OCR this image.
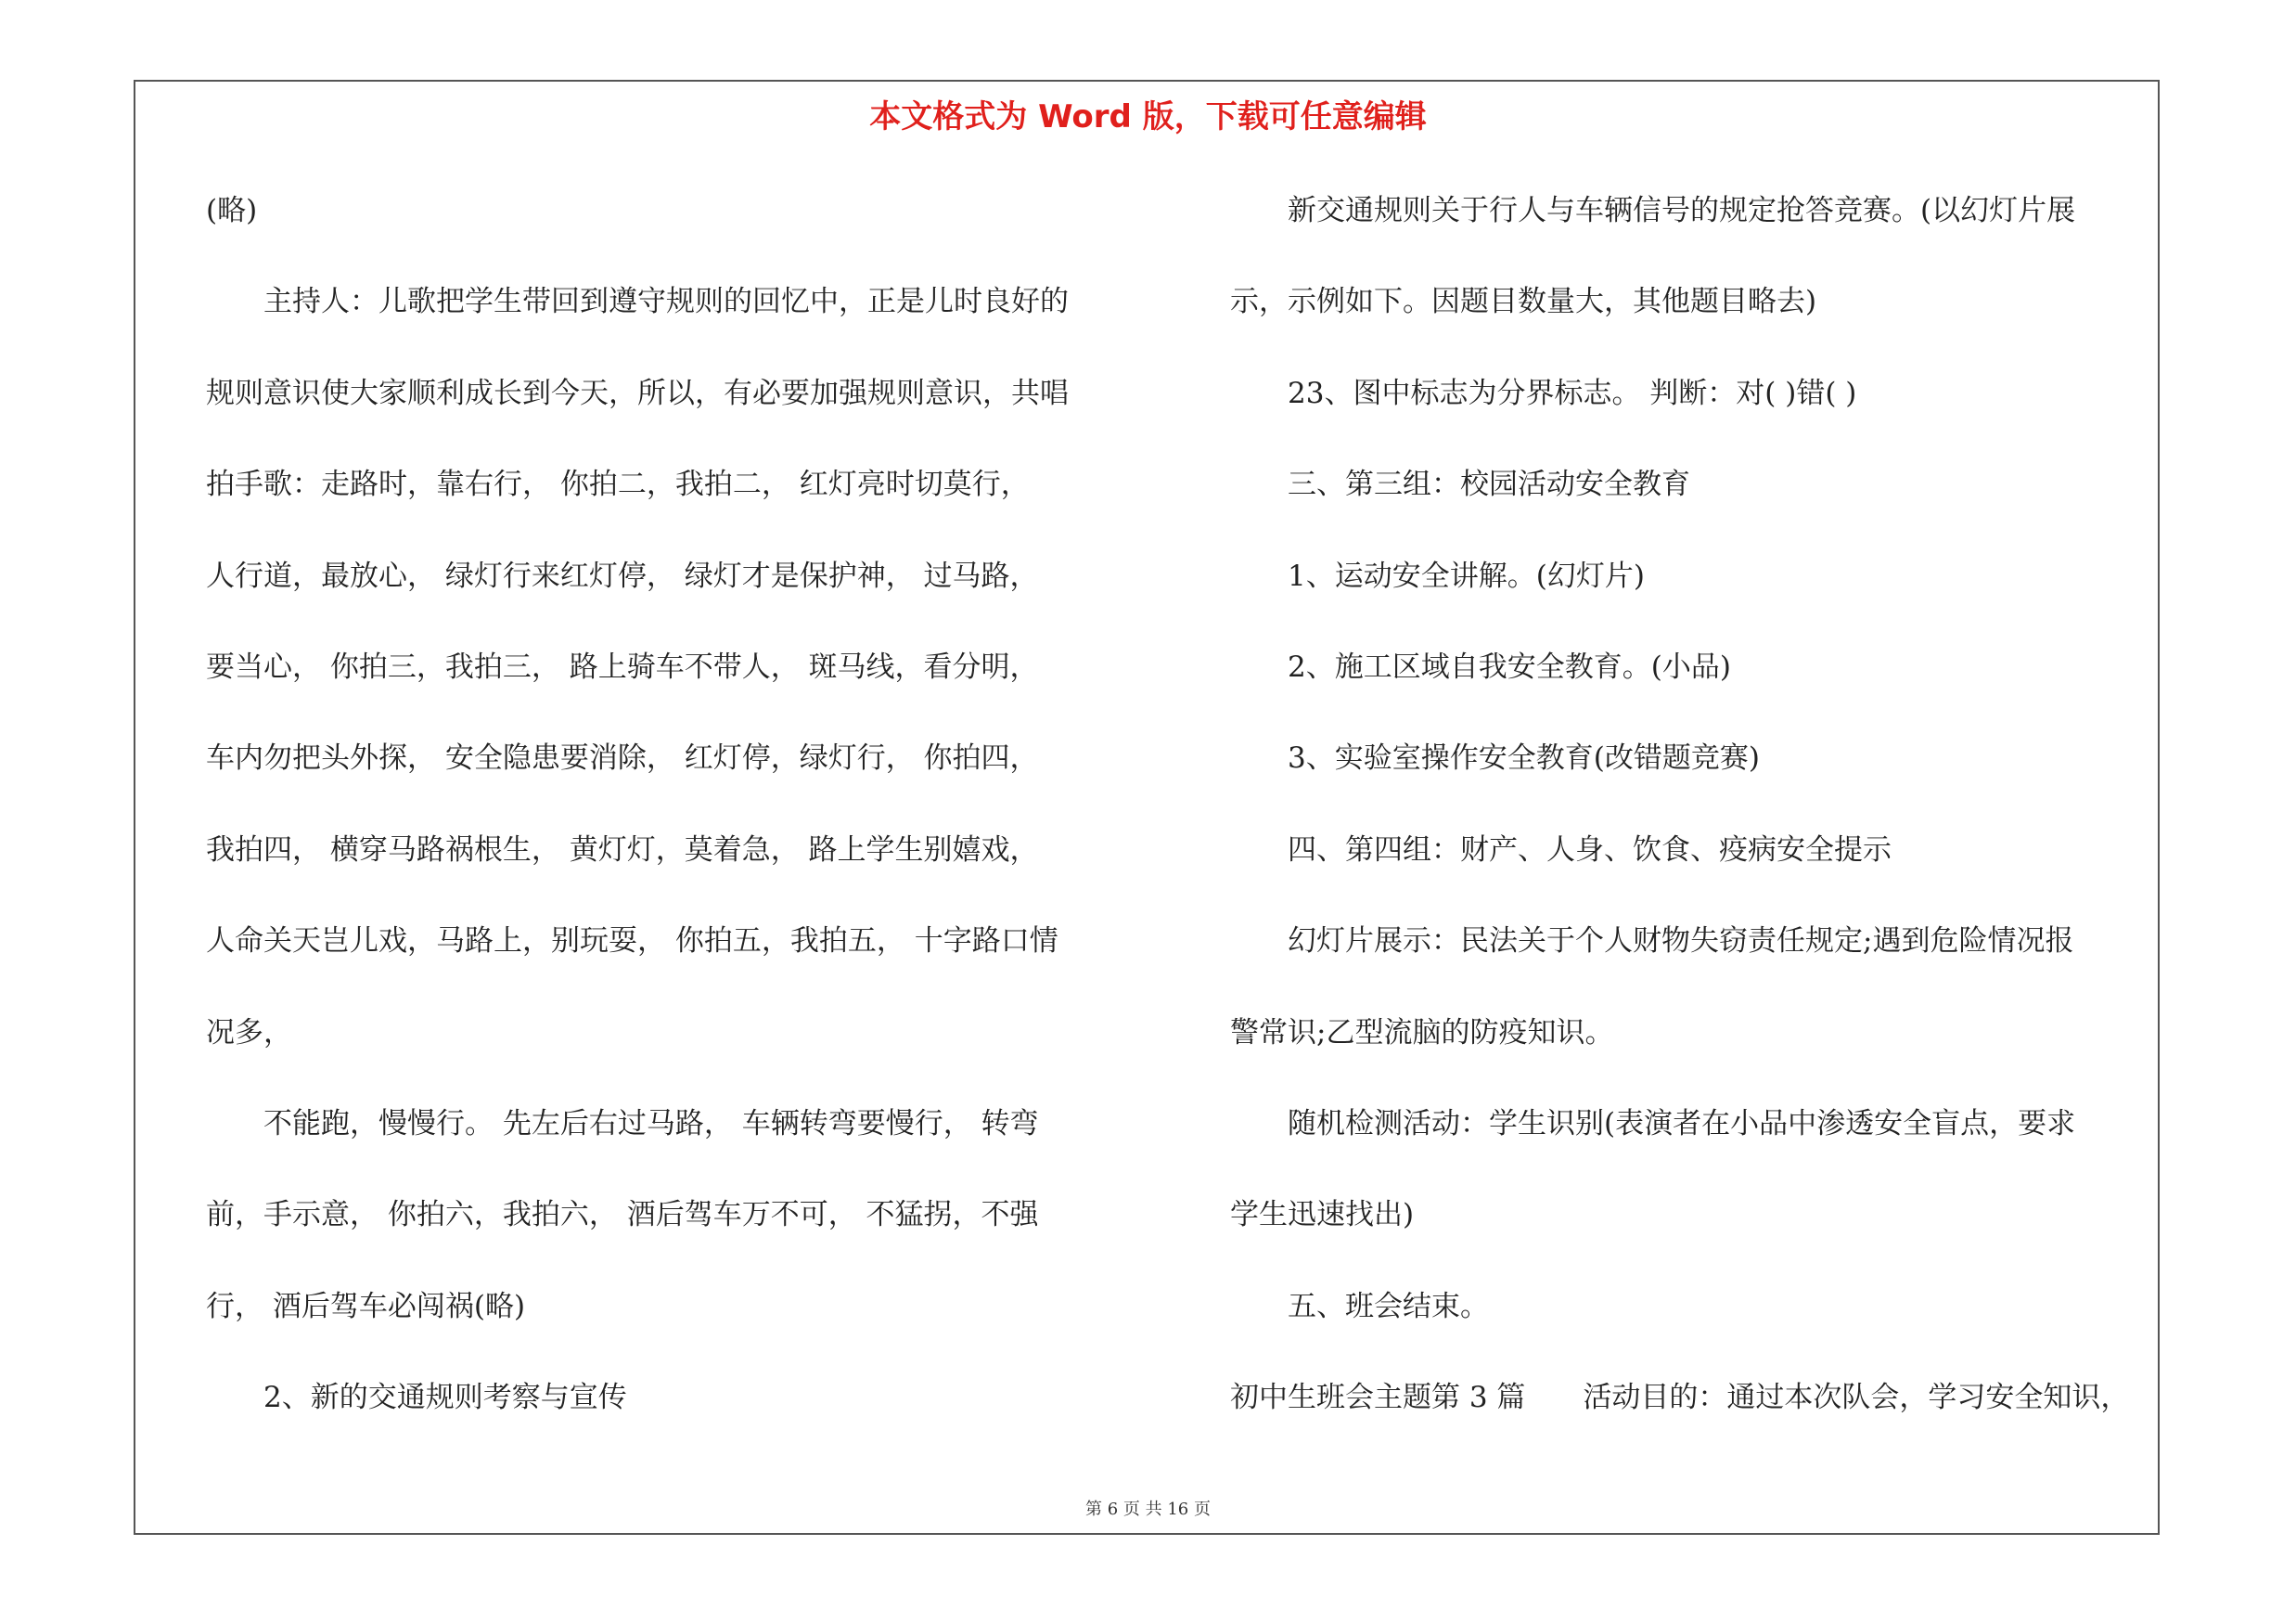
本文格式为 Word 版，下载可任意编辑
(略)
　　主持人：儿歌把学生带回到遵守规则的回忆中，正是儿时良好的
规则意识使大家顺利成长到今天，所以，有必要加强规则意识，共唱
拍手歌：走路时，靠右行， 你拍二，我拍二， 红灯亮时切莫行，
人行道，最放心， 绿灯行来红灯停， 绿灯才是保护神， 过马路，
要当心， 你拍三，我拍三， 路上骑车不带人， 斑马线，看分明，
车内勿把头外探， 安全隐患要消除， 红灯停，绿灯行， 你拍四，
我拍四， 横穿马路祸根生， 黄灯灯，莫着急， 路上学生别嬉戏，
人命关天岂儿戏，马路上，别玩耍， 你拍五，我拍五， 十字路口情
况多，
　　不能跑，慢慢行。 先左后右过马路， 车辆转弯要慢行， 转弯
前，手示意， 你拍六，我拍六， 酒后驾车万不可， 不猛拐，不强
行， 酒后驾车必闯祸(略)
　　2、新的交通规则考察与宣传
　　新交通规则关于行人与车辆信号的规定抢答竞赛。(以幻灯片展
示，示例如下。因题目数量大，其他题目略去)
　　23、图中标志为分界标志。 判断：对( )错( )
　　三、第三组：校园活动安全教育
　　1、运动安全讲解。(幻灯片)
　　2、施工区域自我安全教育。(小品)
　　3、实验室操作安全教育(改错题竞赛)
　　四、第四组：财产、人身、饮食、疫病安全提示
　　幻灯片展示：民法关于个人财物失窃责任规定;遇到危险情况报
警常识;乙型流脑的防疫知识。
　　随机检测活动：学生识别(表演者在小品中渗透安全盲点，要求
学生迅速找出)
　　五、班会结束。
初中生班会主题第 3 篇　　活动目的：通过本次队会，学习安全知识，
第 6 页 共 16 页
